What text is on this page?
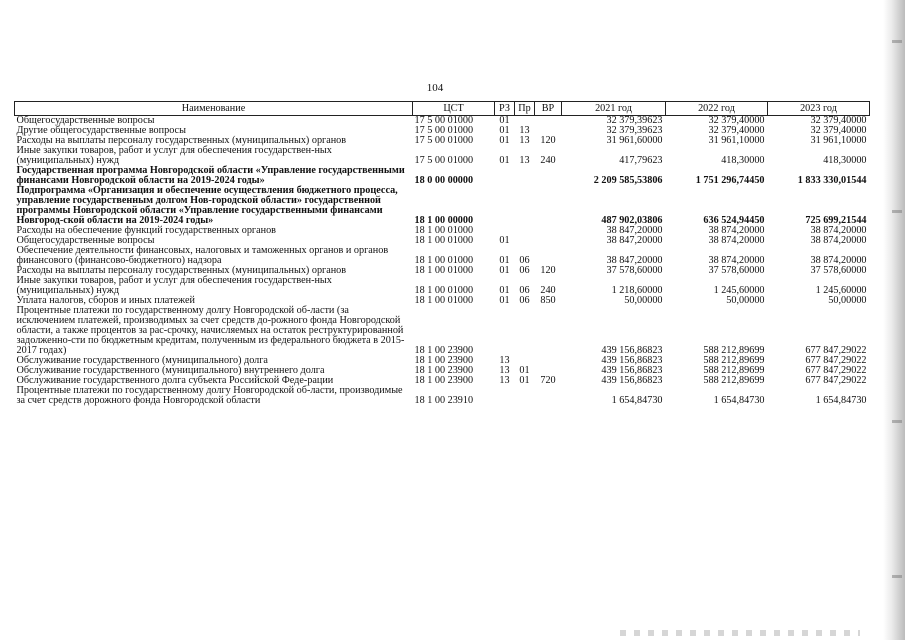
104
Наименование	ЦСТ	РЗ	Пр	ВР	2021 год	2022 год	2023 год
Общегосударственные вопросы	17 5 00 01000	01			32 379,39623	32 379,40000	32 379,40000
Другие общегосударственные вопросы	17 5 00 01000	01	13		32 379,39623	32 379,40000	32 379,40000
Расходы на выплаты персоналу государственных (муниципальных) органов	17 5 00 01000	01	13	120	31 961,60000	31 961,10000	31 961,10000
Иные закупки товаров, работ и услуг для обеспечения государствен-ных (муниципальных) нужд	17 5 00 01000	01	13	240	417,79623	418,30000	418,30000
Государственная программа Новгородской области «Управление государственными финансами Новгородской области на 2019-2024 годы»	18 0 00 00000				2 209 585,53806	1 751 296,74450	1 833 330,01544
Подпрограмма «Организация и обеспечение осуществления бюджетного процесса, управление государственным долгом Нов-городской области» государственной программы Новгородской области «Управление государственными финансами Новгород-ской области на 2019-2024 годы»	18 1 00 00000				487 902,03806	636 524,94450	725 699,21544
Расходы на обеспечение функций государственных органов	18 1 00 01000				38 847,20000	38 874,20000	38 874,20000
Общегосударственные вопросы	18 1 00 01000	01			38 847,20000	38 874,20000	38 874,20000
Обеспечение деятельности финансовых, налоговых и таможенных органов и органов финансового (финансово-бюджетного) надзора	18 1 00 01000	01	06		38 847,20000	38 874,20000	38 874,20000
Расходы на выплаты персоналу государственных (муниципальных) органов	18 1 00 01000	01	06	120	37 578,60000	37 578,60000	37 578,60000
Иные закупки товаров, работ и услуг для обеспечения государствен-ных (муниципальных) нужд	18 1 00 01000	01	06	240	1 218,60000	1 245,60000	1 245,60000
Уплата налогов, сборов и иных платежей	18 1 00 01000	01	06	850	50,00000	50,00000	50,00000
Процентные платежи по государственному долгу Новгородской об-ласти (за исключением платежей, производимых за счет средств до-рожного фонда Новгородской области, а также процентов за рас-срочку, начисляемых на остаток реструктурированной задолженно-сти по бюджетным кредитам, полученным из федерального бюджета в 2015-2017 годах)	18 1 00 23900				439 156,86823	588 212,89699	677 847,29022
Обслуживание государственного (муниципального) долга	18 1 00 23900	13			439 156,86823	588 212,89699	677 847,29022
Обслуживание государственного (муниципального) внутреннего долга	18 1 00 23900	13	01		439 156,86823	588 212,89699	677 847,29022
Обслуживание государственного долга субъекта Российской Феде-рации	18 1 00 23900	13	01	720	439 156,86823	588 212,89699	677 847,29022
Процентные платежи по государственному долгу Новгородской об-ласти, производимые за счет средств дорожного фонда Новгородской области	18 1 00 23910				1 654,84730	1 654,84730	1 654,84730
